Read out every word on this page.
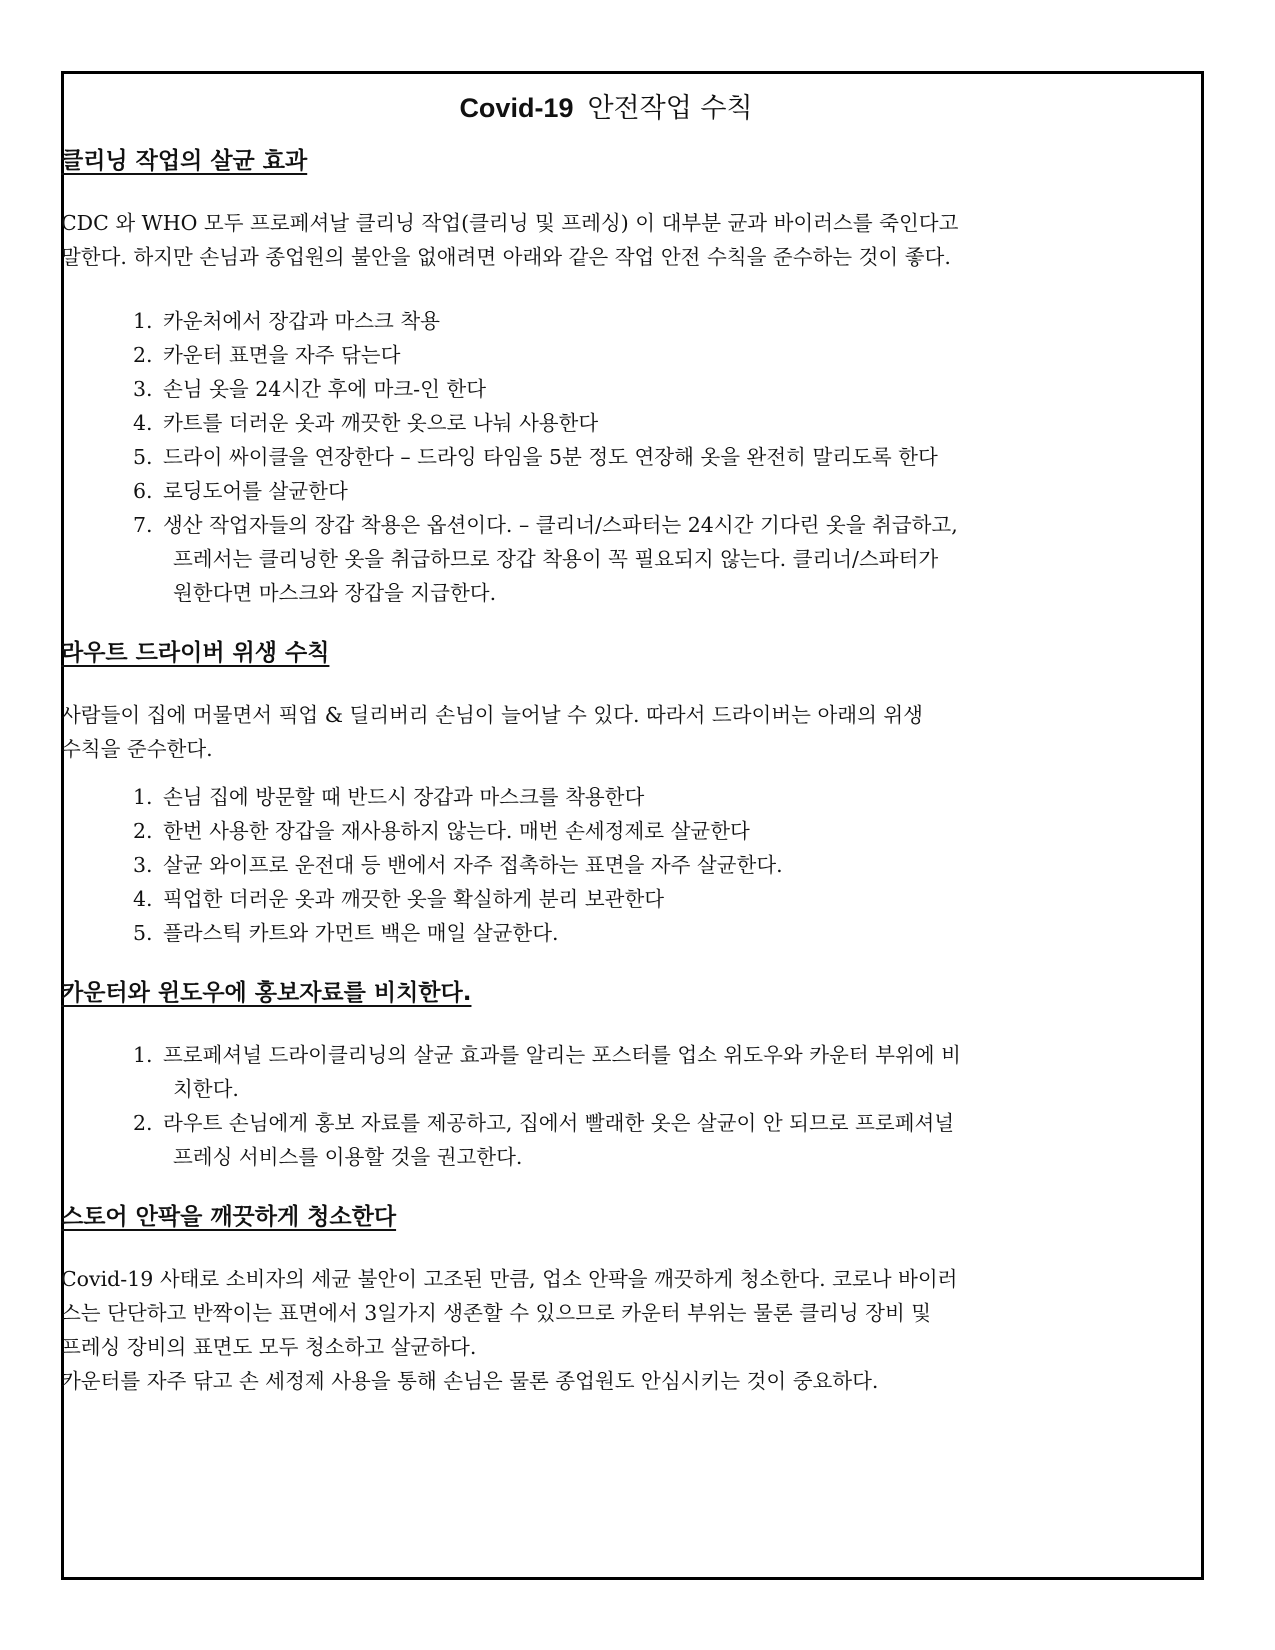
Covid-19 안전작업 수칙
클리닝 작업의 살균 효과

CDC 와 WHO 모두 프로페셔날 클리닝 작업(클리닝 및 프레싱) 이 대부분 균과 바이러스를 죽인다고

말한다. 하지만 손님과 종업원의 불안을 없애려면 아래와 같은 작업 안전 수칙을 준수하는 것이 좋다.

1. 카운처에서 장갑과 마스크 착용
2. 카운터 표면을 자주 닦는다
3. 손님 옷을 24시간 후에 마크-인 한다
4. 카트를 더러운 옷과 깨끗한 옷으로 나눠 사용한다
5. 드라이 싸이클을 연장한다 – 드라잉 타임을 5분 정도 연장해 옷을 완전히 말리도록 한다
6. 로딩도어를 살균한다
7. 생산 작업자들의 장갑 착용은 옵션이다. – 클리너/스파터는 24시간 기다린 옷을 취급하고,
프레서는 클리닝한 옷을 취급하므로 장갑 착용이 꼭 필요되지 않는다. 클리너/스파터가
원한다면 마스크와 장갑을 지급한다.
라우트 드라이버 위생 수칙

사람들이 집에 머물면서 픽업 & 딜리버리 손님이 늘어날 수 있다. 따라서 드라이버는 아래의 위생

수칙을 준수한다.

1. 손님 집에 방문할 때 반드시 장갑과 마스크를 착용한다
2. 한번 사용한 장갑을 재사용하지 않는다. 매번 손세정제로 살균한다
3. 살균 와이프로 운전대 등 밴에서 자주 접촉하는 표면을 자주 살균한다.
4. 픽업한 더러운 옷과 깨끗한 옷을 확실하게 분리 보관한다
5. 플라스틱 카트와 가먼트 백은 매일 살균한다.
카운터와 윈도우에 홍보자료를 비치한다.
1. 프로페셔널 드라이클리닝의 살균 효과를 알리는 포스터를 업소 위도우와 카운터 부위에 비
치한다.
2. 라우트 손님에게 홍보 자료를 제공하고, 집에서 빨래한 옷은 살균이 안 되므로 프로페셔널
프레싱 서비스를 이용할 것을 권고한다.
스토어 안팍을 깨끗하게 청소한다

Covid-19 사태로 소비자의 세균 불안이 고조된 만큼, 업소 안팍을 깨끗하게 청소한다. 코로나 바이러

스는 단단하고 반짝이는 표면에서 3일가지 생존할 수 있으므로 카운터 부위는 물론 클리닝 장비 및

프레싱 장비의 표면도 모두 청소하고 살균하다.

카운터를 자주 닦고 손 세정제 사용을 통해 손님은 물론 종업원도 안심시키는 것이 중요하다.
